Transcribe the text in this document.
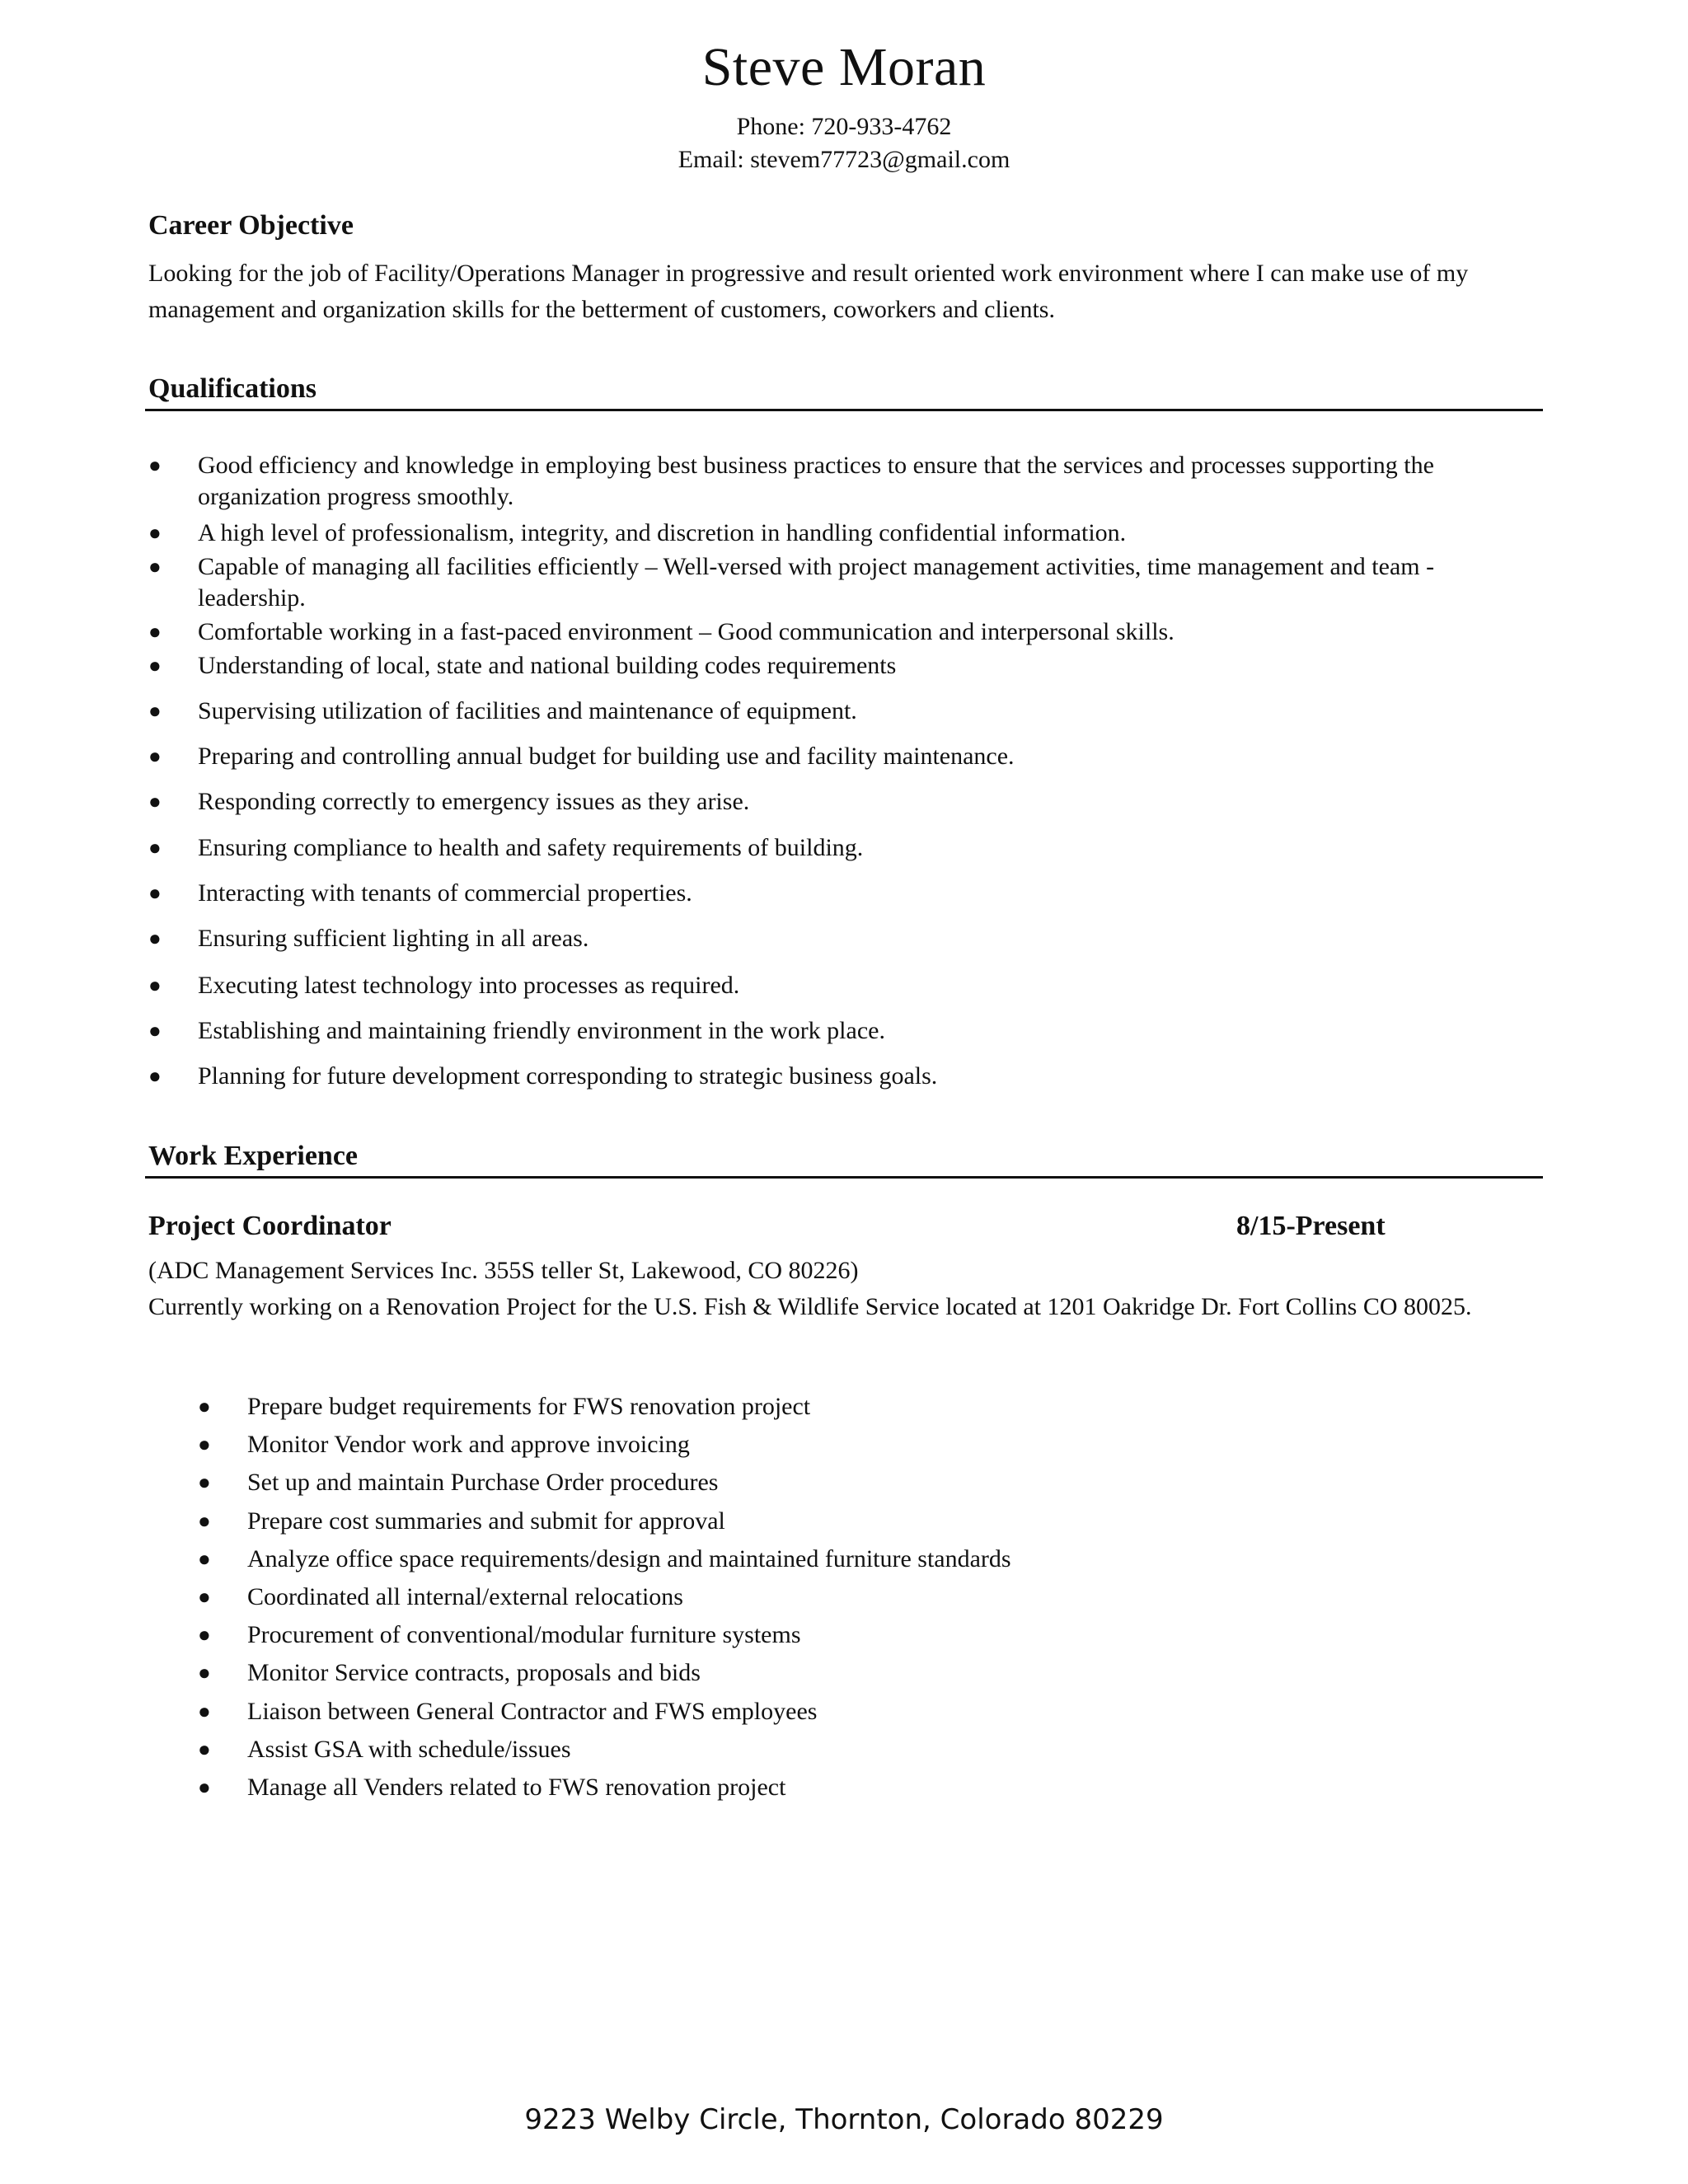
Steve Moran
Phone: 720-933-4762
Email: stevem77723@gmail.com
Career Objective
Looking for the job of Facility/Operations Manager in progressive and result oriented work environment where I can make use of my management and organization skills for the betterment of customers, coworkers and clients.
Qualifications
● Good efficiency and knowledge in employing best business practices to ensure that the services and processes supporting the organization progress smoothly.
● A high level of professionalism, integrity, and discretion in handling confidential information.
● Capable of managing all facilities efficiently – Well-versed with project management activities, time management and team -leadership.
● Comfortable working in a fast-paced environment – Good communication and interpersonal skills.
● Understanding of local, state and national building codes requirements
● Supervising utilization of facilities and maintenance of equipment.
● Preparing and controlling annual budget for building use and facility maintenance.
● Responding correctly to emergency issues as they arise.
● Ensuring compliance to health and safety requirements of building.
● Interacting with tenants of commercial properties.
● Ensuring sufficient lighting in all areas.
● Executing latest technology into processes as required.
● Establishing and maintaining friendly environment in the work place.
● Planning for future development corresponding to strategic business goals.
Work Experience
Project Coordinator	8/15-Present
(ADC Management Services Inc. 355S teller St, Lakewood, CO 80226)
Currently working on a Renovation Project for the U.S. Fish & Wildlife Service located at 1201 Oakridge Dr. Fort Collins CO 80025.
● Prepare budget requirements for FWS renovation project
● Monitor Vendor work and approve invoicing
● Set up and maintain Purchase Order procedures
● Prepare cost summaries and submit for approval
● Analyze office space requirements/design and maintained furniture standards
● Coordinated all internal/external relocations
● Procurement of conventional/modular furniture systems
● Monitor Service contracts, proposals and bids
● Liaison between General Contractor and FWS employees
● Assist GSA with schedule/issues
● Manage all Venders related to FWS renovation project
9223 Welby Circle, Thornton, Colorado 80229
